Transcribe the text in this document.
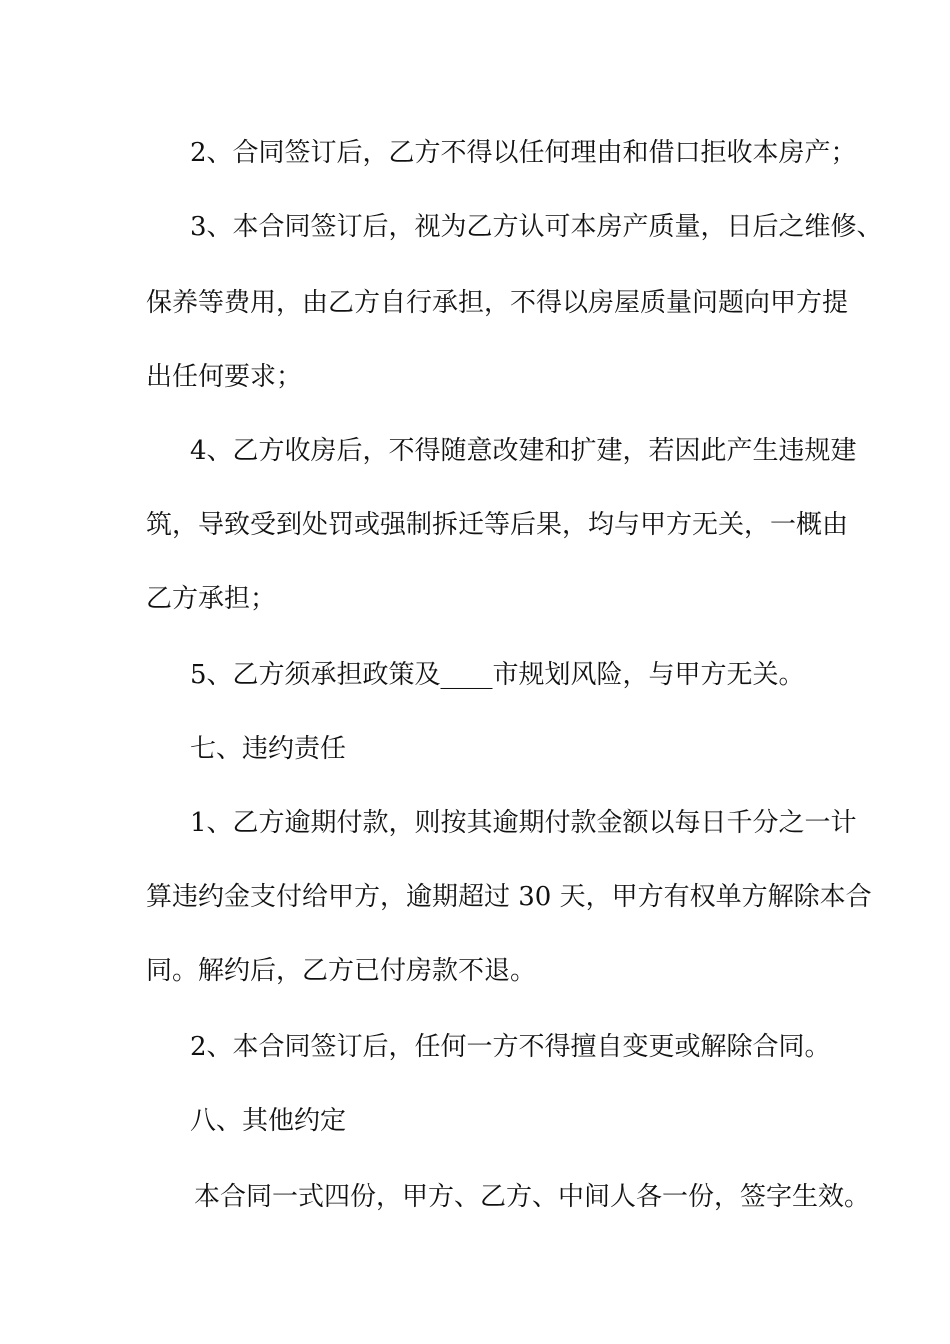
2、合同签订后，乙方不得以任何理由和借口拒收本房产；
3、本合同签订后，视为乙方认可本房产质量，日后之维修、
保养等费用，由乙方自行承担，不得以房屋质量问题向甲方提
出任何要求；
4、乙方收房后，不得随意改建和扩建，若因此产生违规建
筑，导致受到处罚或强制拆迁等后果，均与甲方无关，一概由
乙方承担；
5、乙方须承担政策及____市规划风险，与甲方无关。
七、违约责任
1、乙方逾期付款，则按其逾期付款金额以每日千分之一计
算违约金支付给甲方，逾期超过 30 天，甲方有权单方解除本合
同。解约后，乙方已付房款不退。
2、本合同签订后，任何一方不得擅自变更或解除合同。
八、其他约定
本合同一式四份，甲方、乙方、中间人各一份，签字生效。
